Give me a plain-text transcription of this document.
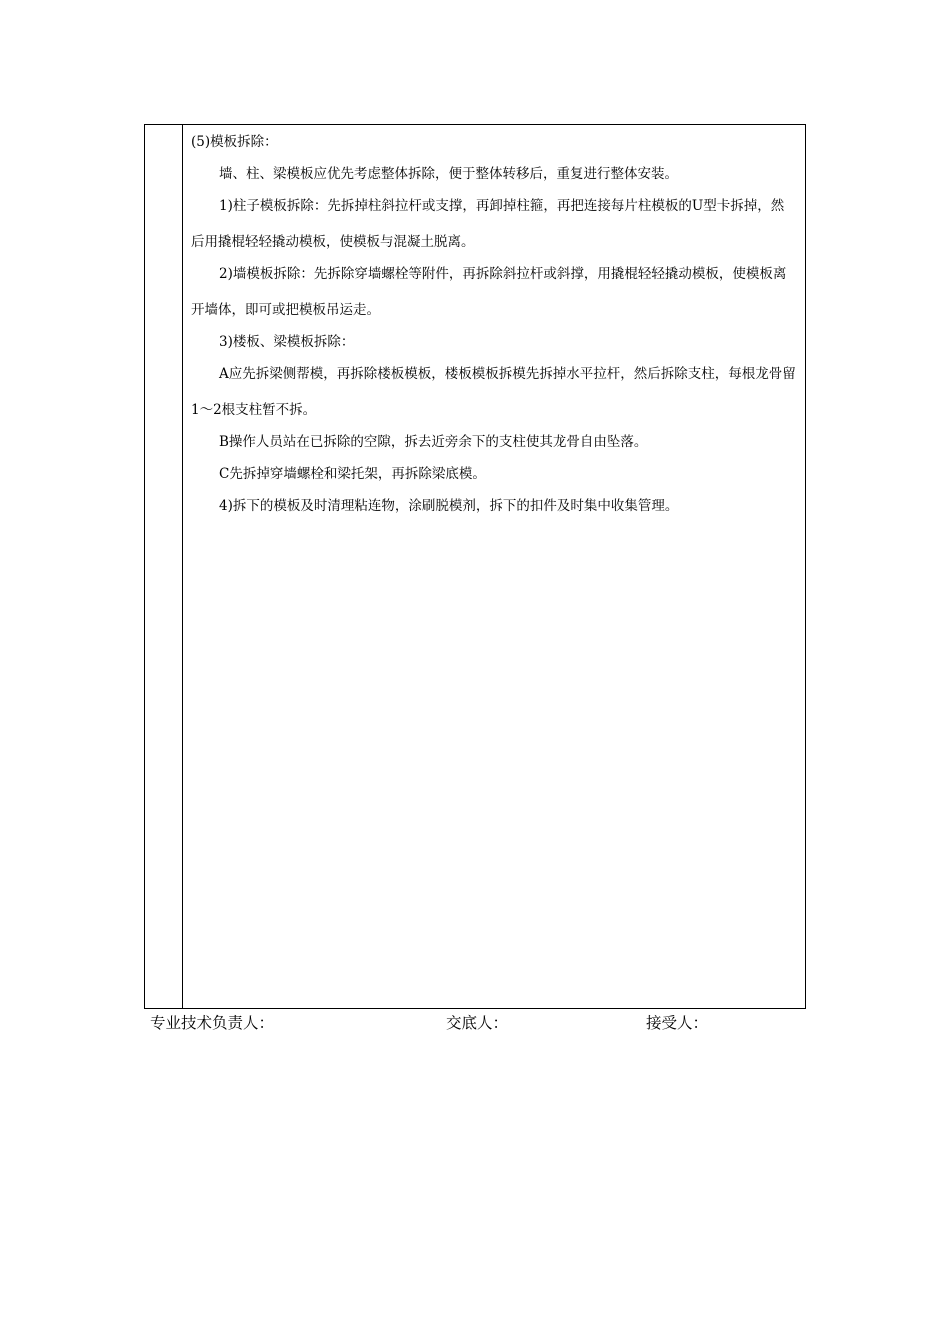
(5)模板拆除：

墙、柱、梁模板应优先考虑整体拆除，便于整体转移后，重复进行整体安装。

1)柱子模板拆除：先拆掉柱斜拉杆或支撑，再卸掉柱箍，再把连接每片柱模板的U型卡拆掉，然后用撬棍轻轻撬动模板，使模板与混凝土脱离。

2)墙模板拆除：先拆除穿墙螺栓等附件，再拆除斜拉杆或斜撑，用撬棍轻轻撬动模板，使模板离开墙体，即可或把模板吊运走。

3)楼板、梁模板拆除：

A应先拆梁侧帮模，再拆除楼板模板，楼板模板拆模先拆掉水平拉杆，然后拆除支柱，每根龙骨留1～2根支柱暂不拆。

B操作人员站在已拆除的空隙，拆去近旁余下的支柱使其龙骨自由坠落。

C先拆掉穿墙螺栓和梁托架，再拆除梁底模。

4)拆下的模板及时清理粘连物，涂刷脱模剂，拆下的扣件及时集中收集管理。

专业技术负责人：	交底人：	接受人：
